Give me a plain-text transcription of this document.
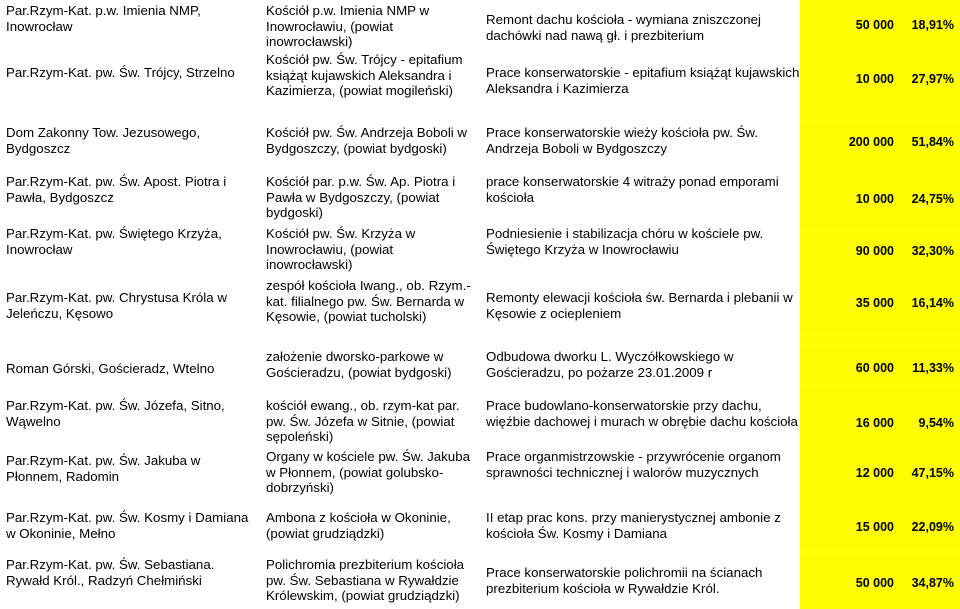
Par.Rzym-Kat. p.w. Imienia NMP, Inowrocław	Kościół p.w. Imienia NMP w Inowrocławiu, (powiat inowrocławski)	Remont dachu kościoła - wymiana zniszczonej dachówki nad nawą gł. i prezbiterium	50 000 18,91%
Par.Rzym-Kat. pw. Św. Trójcy, Strzelno	Kościół pw. Św. Trójcy - epitafium książąt kujawskich Aleksandra i Kazimierza, (powiat mogileński)	Prace konserwatorskie - epitafium książąt kujawskich Aleksandra i Kazimierza	10 000 27,97%

Dom Zakonny Tow. Jezusowego, Bydgoszcz	Kościół pw. Św. Andrzeja Boboli w Bydgoszczy, (powiat bydgoski)	Prace konserwatorskie wieży kościoła pw. Św. Andrzeja Boboli w Bydgoszczy	200 000 51,84%

Par.Rzym-Kat. pw. Św. Apost. Piotra i Pawła, Bydgoszcz	Kościół par. p.w. Św. Ap. Piotra i Pawła w Bydgoszczy, (powiat bydgoski)	prace konserwatorskie 4 witraży ponad emporami kościoła	10 000 24,75%
Par.Rzym-Kat. pw. Świętego Krzyża, Inowrocław	Kościół pw. Św. Krzyża w Inowrocławiu, (powiat inowrocławski)	Podniesienie i stabilizacja chóru w kościele pw. Świętego Krzyża w Inowrocławiu	90 000 32,30%
Par.Rzym-Kat. pw. Chrystusa Króla w Jeleńczu, Kęsowo	zespół kościoła Iwang., ob. Rzym.-kat. filialnego pw. Św. Bernarda w Kęsowie, (powiat tucholski)	Remonty elewacji kościoła św. Bernarda i plebanii w Kęsowie z ociepleniem	35 000 16,14%

Roman Górski, Gościeradz, Wtelno	założenie dworsko-parkowe w Gościeradzu, (powiat bydgoski)	Odbudowa dworku L. Wyczółkowskiego w Gościeradzu, po pożarze 23.01.2009 r	60 000 11,33%

Par.Rzym-Kat. pw. Św. Józefa, Sitno, Wąwelno	kościół ewang., ob. rzym-kat par. pw. Św. Józefa w Sitnie, (powiat sępoleński)	Prace budowlano-konserwatorskie przy dachu, więźbie dachowej i murach w obrębie dachu kościoła	16 000 9,54%
Par.Rzym-Kat. pw. Św. Jakuba w Płonnem, Radomin	Organy w kościele pw. Św. Jakuba w Płonnem, (powiat golubsko-dobrzyński)	Prace organmistrzowskie - przywrócenie organom sprawności technicznej i walorów muzycznych	12 000 47,15%

Par.Rzym-Kat. pw. Św. Kosmy i Damiana w Okoninie, Mełno	Ambona z kościoła w Okoninie, (powiat grudziądzki)	II etap prac kons. przy manierystycznej ambonie z kościoła Św. Kosmy i Damiana	15 000 22,09%

Par.Rzym-Kat. pw. Św. Sebastiana. Rywałd Król., Radzyń Chełmiński	Polichromia prezbiterium kościoła pw. Św. Sebastiana w Rywałdzie Królewskim, (powiat grudziądzki)	Prace konserwatorskie polichromii na ścianach prezbiterium kościoła w Rywałdzie Król.	50 000 34,87%
